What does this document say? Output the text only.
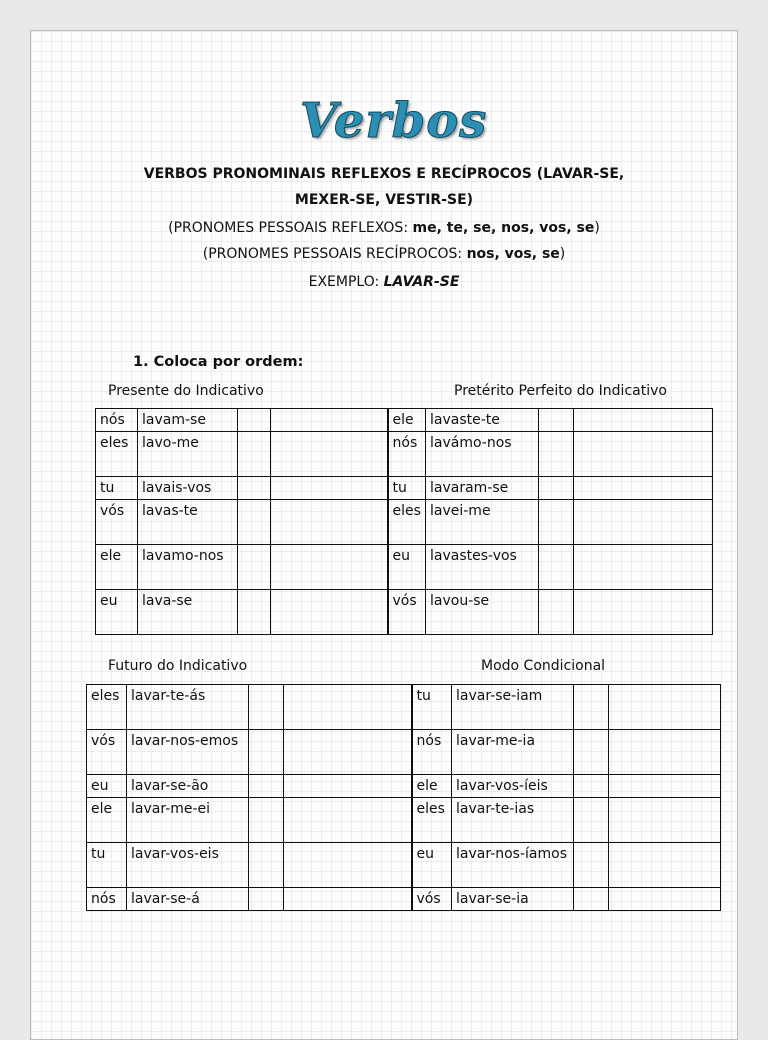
Verbos
VERBOS PRONOMINAIS REFLEXOS E RECÍPROCOS (LAVAR-SE,
MEXER-SE, VESTIR-SE)
(PRONOMES PESSOAIS REFLEXOS: me, te, se, nos, vos, se)
(PRONOMES PESSOAIS RECÍPROCOS: nos, vos, se)
EXEMPLO: LAVAR-SE
1. Coloca por ordem:
Presente do Indicativo	Pretérito Perfeito do Indicativo
nós	lavam-se			ele	lavaste-te		
eles	lavo-me			nós	lavámo-nos		
tu	lavais-vos			tu	lavaram-se		
vós	lavas-te			eles	lavei-me		
ele	lavamo-nos			eu	lavastes-vos		
eu	lava-se			vós	lavou-se		
Futuro do Indicativo	Modo Condicional
eles	lavar-te-ás			tu	lavar-se-iam		
vós	lavar-nos-emos			nós	lavar-me-ia		
eu	lavar-se-ão			ele	lavar-vos-íeis		
ele	lavar-me-ei			eles	lavar-te-ias		
tu	lavar-vos-eis			eu	lavar-nos-íamos		
nós	lavar-se-á			vós	lavar-se-ia		
